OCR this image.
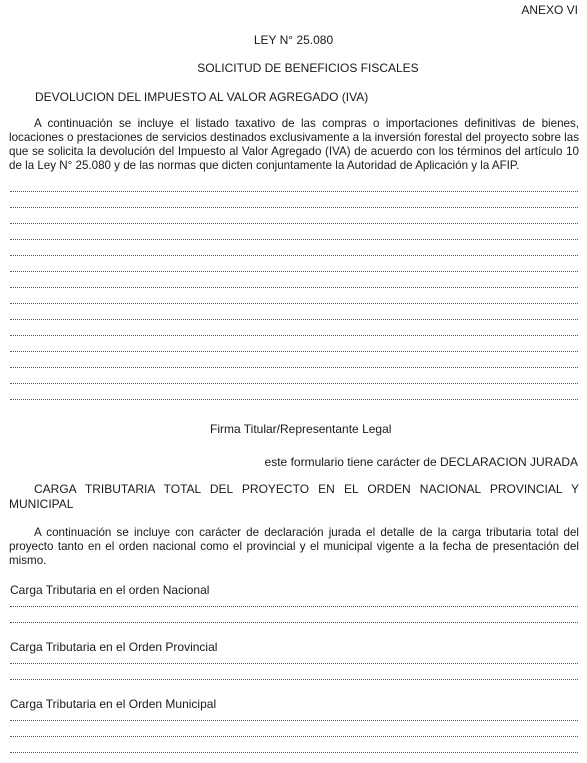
ANEXO VI
LEY N° 25.080
SOLICITUD DE BENEFICIOS FISCALES
DEVOLUCION DEL IMPUESTO AL VALOR AGREGADO (IVA)
A continuación se incluye el listado taxativo de las compras o importaciones definitivas de bienes, locaciones o prestaciones de servicios destinados exclusivamente a la inversión forestal del proyecto sobre las que se solicita la devolución del Impuesto al Valor Agregado (IVA) de acuerdo con los términos del artículo 10 de la Ley N° 25.080 y de las normas que dicten conjuntamente la Autoridad de Aplicación y la AFIP.
Firma Titular/Representante Legal
este formulario tiene carácter de DECLARACION JURADA
CARGA TRIBUTARIA TOTAL DEL PROYECTO EN EL ORDEN NACIONAL PROVINCIAL Y MUNICIPAL
A continuación se incluye con carácter de declaración jurada el detalle de la carga tributaria total del proyecto tanto en el orden nacional como el provincial y el municipal vigente a la fecha de presentación del mismo.
Carga Tributaria en el orden Nacional
Carga Tributaria en el Orden Provincial
Carga Tributaria en el Orden Municipal
